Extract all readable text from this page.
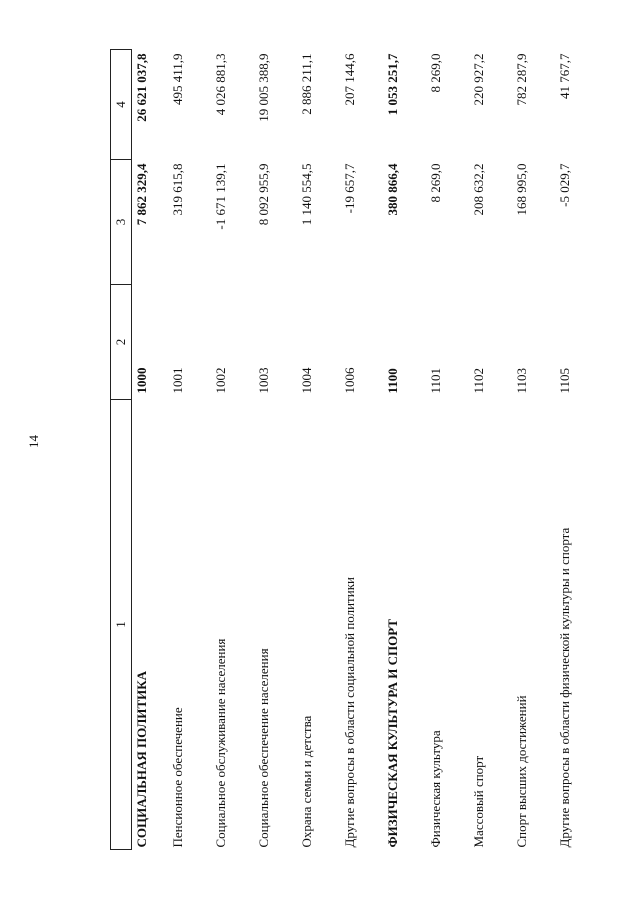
14
1	2	3	4
СОЦИАЛЬНАЯ ПОЛИТИКА	1000	7 862 329,4	26 621 037,8
Пенсионное обеспечение	1001	319 615,8	495 411,9
Социальное обслуживание населения	1002	-1 671 139,1	4 026 881,3
Социальное обеспечение населения	1003	8 092 955,9	19 005 388,9
Охрана семьи и детства	1004	1 140 554,5	2 886 211,1
Другие вопросы в области социальной политики	1006	-19 657,7	207 144,6
ФИЗИЧЕСКАЯ КУЛЬТУРА И СПОРТ	1100	380 866,4	1 053 251,7
Физическая культура	1101	8 269,0	8 269,0
Массовый спорт	1102	208 632,2	220 927,2
Спорт высших достижений	1103	168 995,0	782 287,9
Другие вопросы в области физической культуры и спорта	1105	-5 029,7	41 767,7
